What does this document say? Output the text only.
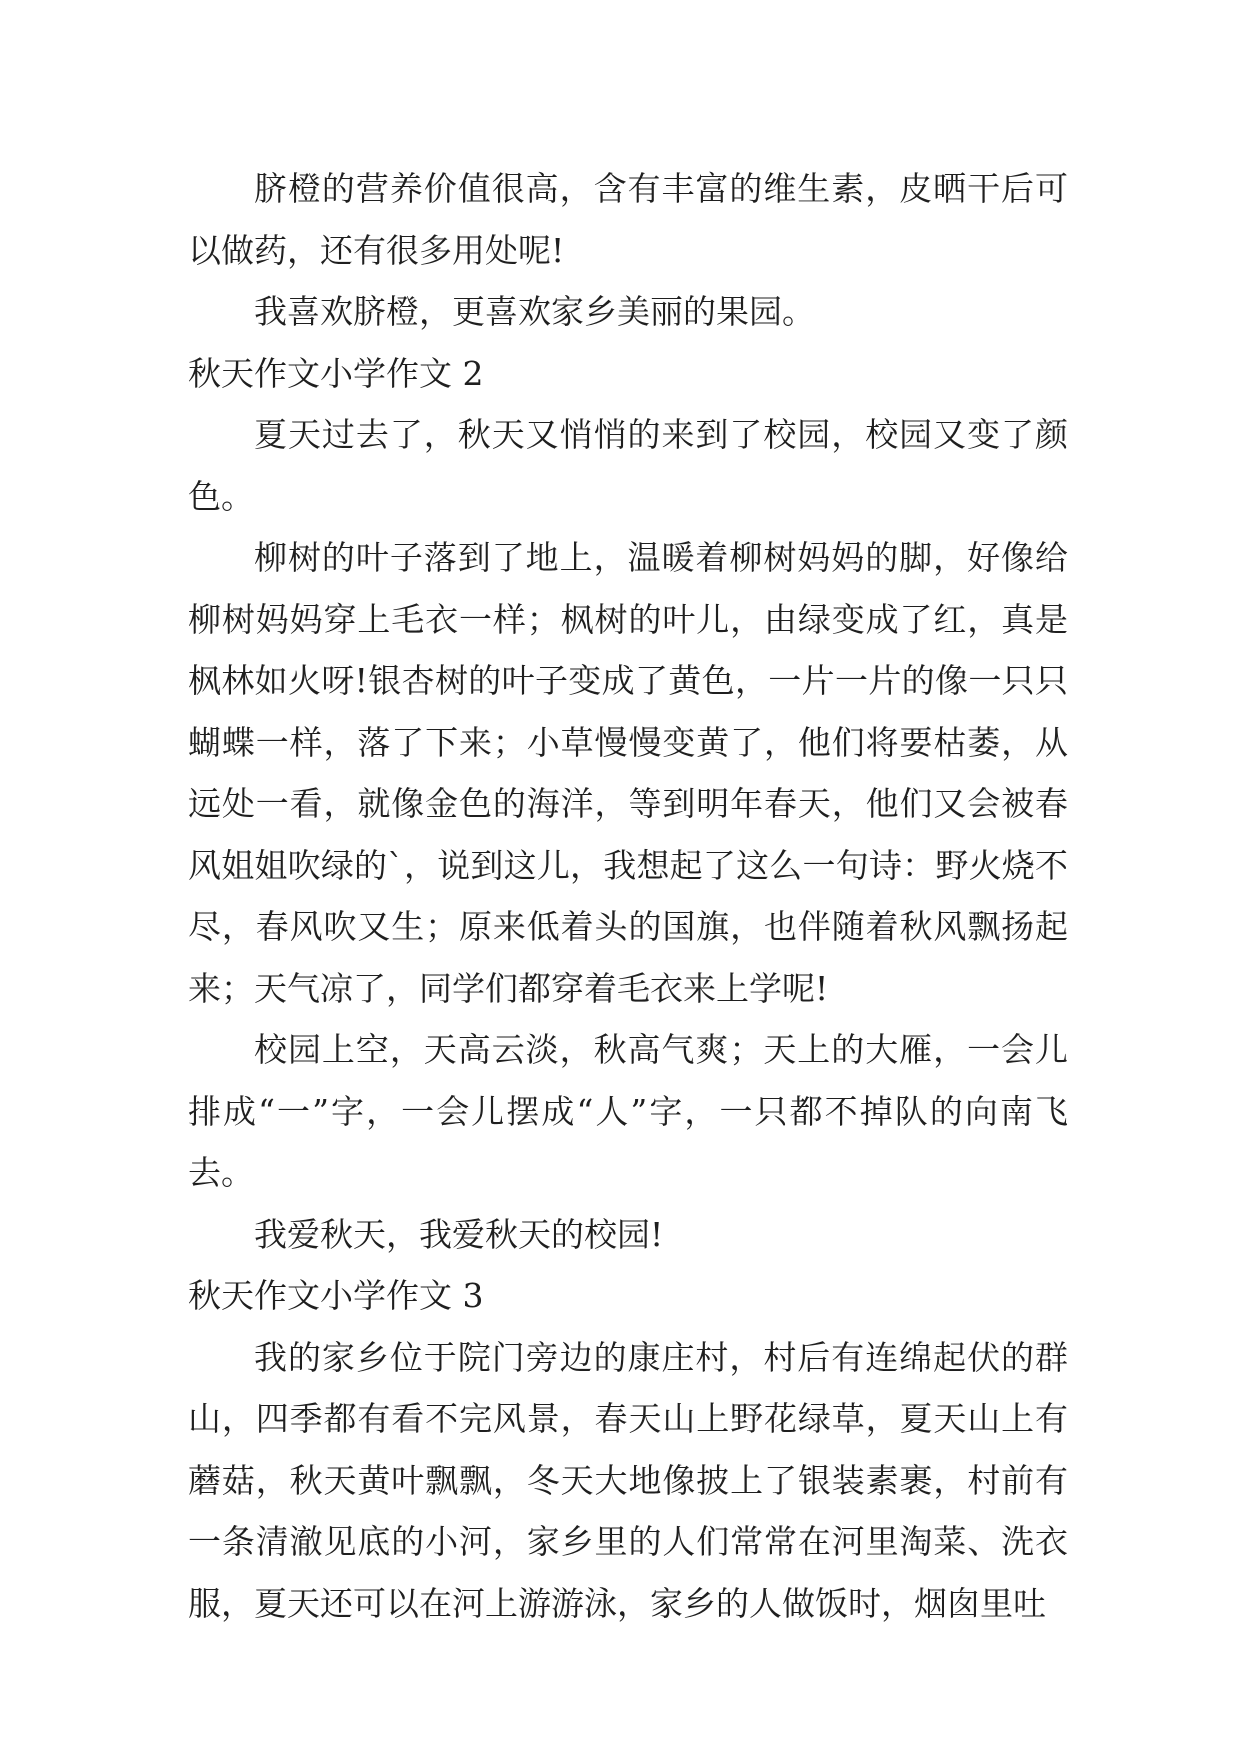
脐橙的营养价值很高，含有丰富的维生素，皮晒干后可以做药，还有很多用处呢!

我喜欢脐橙，更喜欢家乡美丽的果园。

秋天作文小学作文 2

夏天过去了，秋天又悄悄的来到了校园，校园又变了颜色。

柳树的叶子落到了地上，温暖着柳树妈妈的脚，好像给柳树妈妈穿上毛衣一样；枫树的叶儿，由绿变成了红，真是枫林如火呀!银杏树的叶子变成了黄色，一片一片的像一只只蝴蝶一样，落了下来；小草慢慢变黄了，他们将要枯萎，从远处一看，就像金色的海洋，等到明年春天，他们又会被春风姐姐吹绿的`，说到这儿，我想起了这么一句诗：野火烧不尽，春风吹又生；原来低着头的国旗，也伴随着秋风飘扬起来；天气凉了，同学们都穿着毛衣来上学呢!

校园上空，天高云淡，秋高气爽；天上的大雁，一会儿排成“一”字，一会儿摆成“人”字，一只都不掉队的向南飞去。

我爱秋天，我爱秋天的校园!

秋天作文小学作文 3

我的家乡位于院门旁边的康庄村，村后有连绵起伏的群山，四季都有看不完风景，春天山上野花绿草，夏天山上有蘑菇，秋天黄叶飘飘，冬天大地像披上了银装素裹，村前有一条清澈见底的小河，家乡里的人们常常在河里淘菜、洗衣服，夏天还可以在河上游游泳，家乡的人做饭时，烟囱里吐
